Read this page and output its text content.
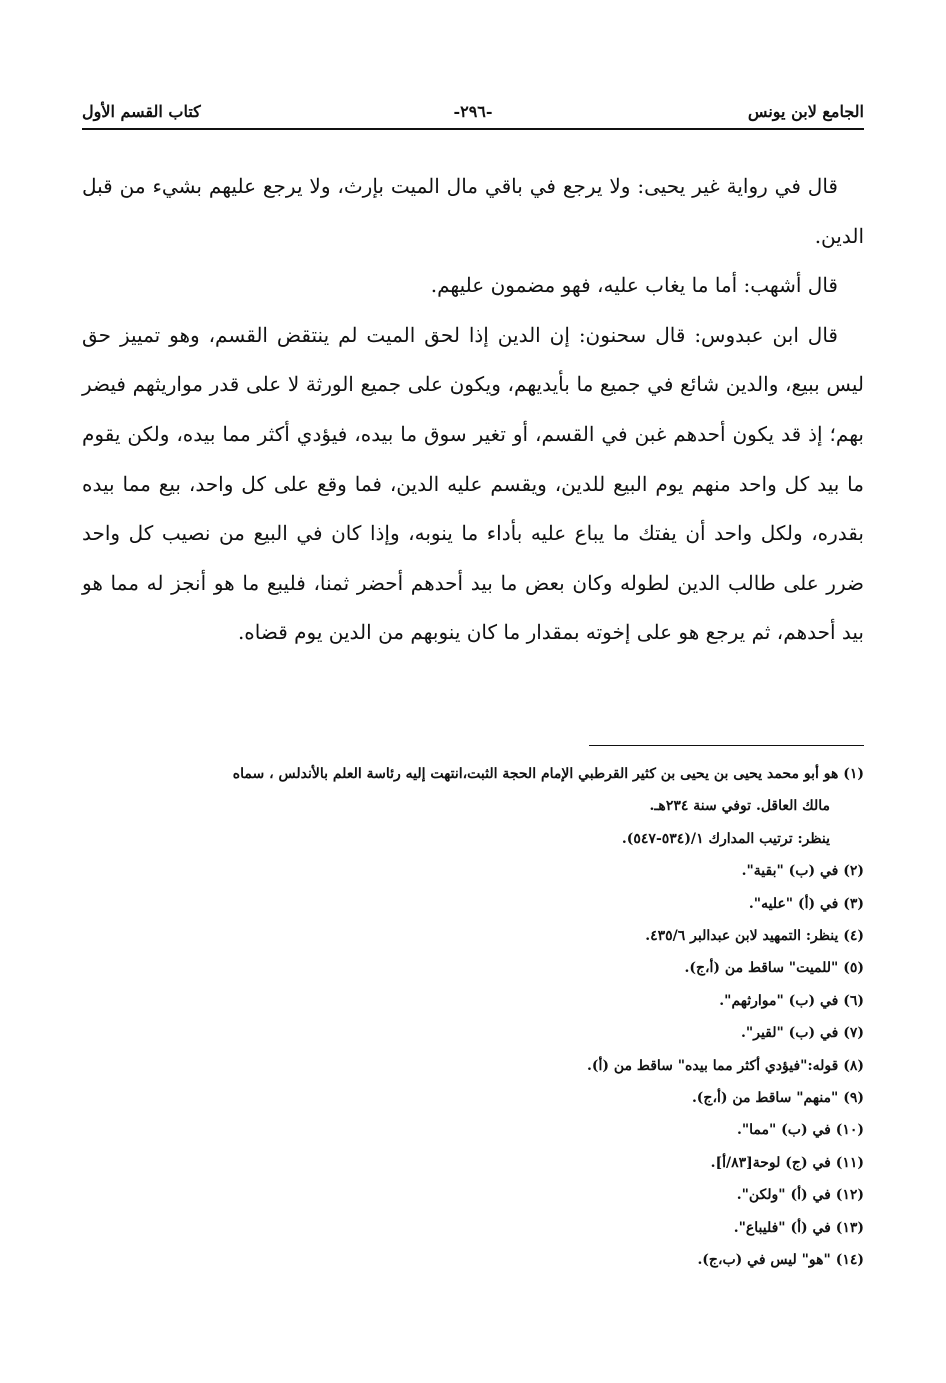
الجامع لابن يونس
-٢٩٦-
كتاب القسم الأول

قال في رواية غير يحيى: ولا يرجع في باقي مال الميت بإرث، ولا يرجع عليهم بشيء من قبل الدين.

قال أشهب: أما ما يغاب عليه، فهو مضمون عليهم.

قال ابن عبدوس: قال سحنون: إن الدين إذا لحق الميت لم ينتقض القسم، وهو تمييز حق ليس ببيع، والدين شائع في جميع ما بأيديهم، ويكون على جميع الورثة لا على قدر مواريثهم فيضر بهم؛ إذ قد يكون أحدهم غبن في القسم، أو تغير سوق ما بيده، فيؤدي أكثر مما بيده، ولكن يقوم ما بيد كل واحد منهم يوم البيع للدين، ويقسم عليه الدين، فما وقع على كل واحد، بيع مما بيده بقدره، ولكل واحد أن يفتك ما يباع عليه بأداء ما ينوبه، وإذا كان في البيع من نصيب كل واحد ضرر على طالب الدين لطوله وكان بعض ما بيد أحدهم أحضر ثمنا، فليبع ما هو أنجز له مما هو بيد أحدهم، ثم يرجع هو على إخوته بمقدار ما كان ينوبهم من الدين يوم قضاه.

(١) هو أبو محمد يحيى بن يحيى بن كثير القرطبي الإمام الحجة الثبت،انتهت إليه رئاسة العلم بالأندلس ، سماه
مالك العاقل. توفي سنة ٢٣٤هـ.
ينظر: ترتيب المدارك ١/(٥٣٤-٥٤٧).
(٢) في (ب) "بقية".
(٣) في (أ) "عليه".
(٤) ينظر: التمهيد لابن عبدالبر ٤٣٥/٦.
(٥) "للميت" ساقط من (أ،ج).
(٦) في (ب) "موارثهم".
(٧) في (ب) "لقير".
(٨) قوله:"فيؤدي أكثر مما بيده" ساقط من (أ).
(٩) "منهم" ساقط من (أ،ج).
(١٠) في (ب) "مما".
(١١) في (ج) لوحة[٨٣/أ].
(١٢) في (أ) "ولكن".
(١٣) في (أ) "فليباع".
(١٤) "هو" ليس في (ب،ج).
